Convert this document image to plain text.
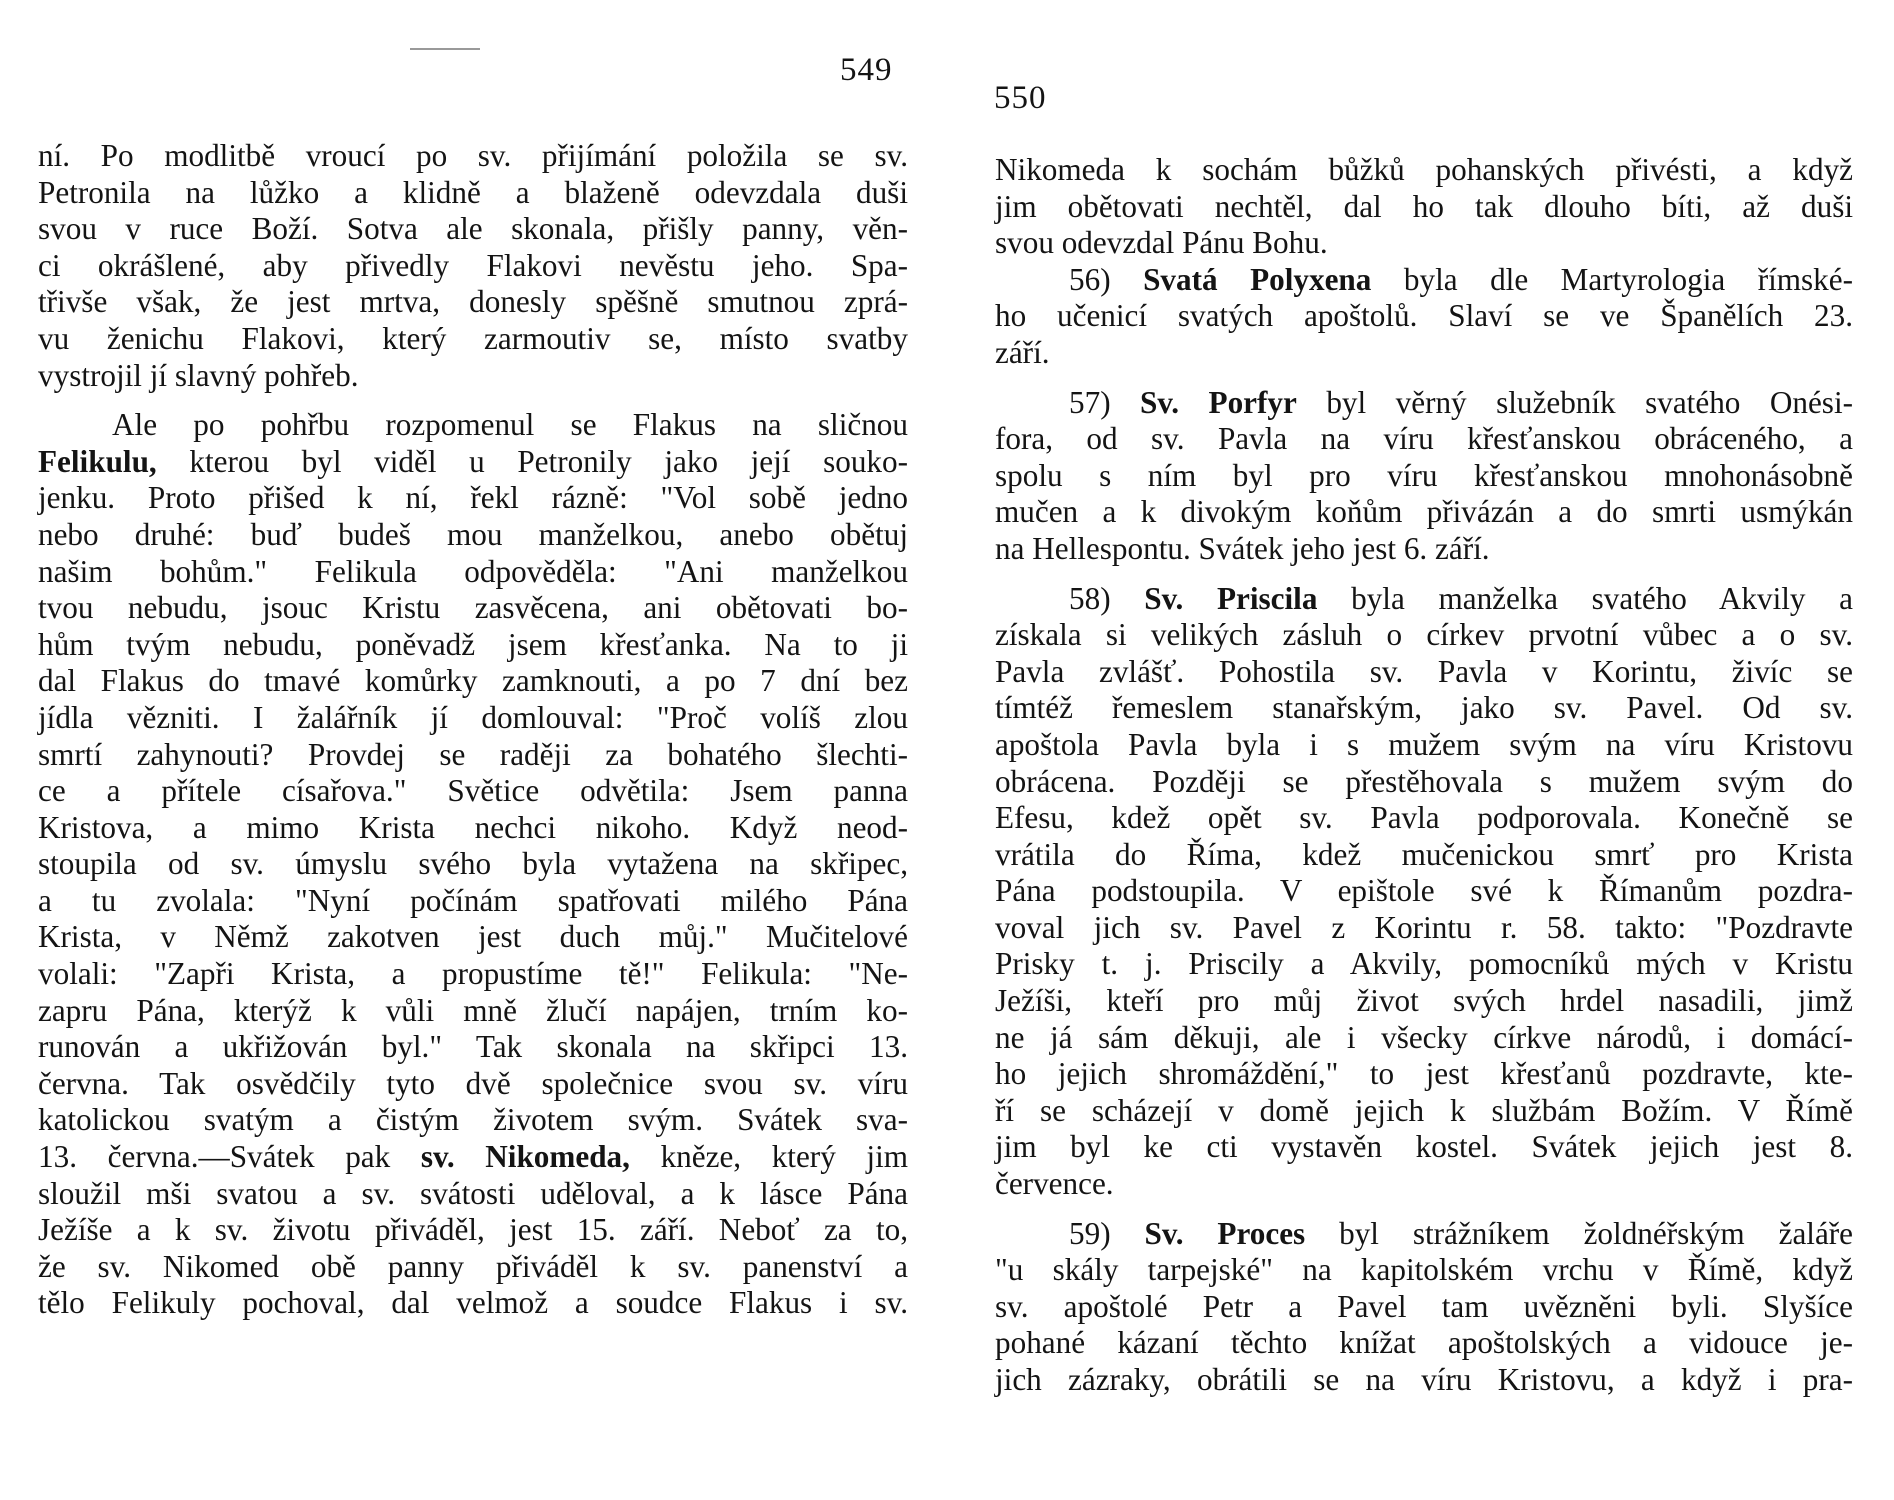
549
550

ní. Po modlitbě vroucí po sv. přijímání položila se sv.

Petronila na lůžko a klidně a blaženě odevzdala duši

svou v ruce Boží. Sotva ale skonala, přišly panny, věn-

ci okrášlené, aby přivedly Flakovi nevěstu jeho. Spa-

třivše však, že jest mrtva, donesly spěšně smutnou zprá-

vu ženichu Flakovi, který zarmoutiv se, místo svatby

vystrojil jí slavný pohřeb.

Ale po pohřbu rozpomenul se Flakus na sličnou

Felikulu, kterou byl viděl u Petronily jako její souko-

jenku. Proto přišed k ní, řekl rázně: "Vol sobě jedno

nebo druhé: buď budeš mou manželkou, anebo obětuj

našim bohům." Felikula odpověděla: "Ani manželkou

tvou nebudu, jsouc Kristu zasvěcena, ani obětovati bo-

hům tvým nebudu, poněvadž jsem křesťanka. Na to ji

dal Flakus do tmavé komůrky zamknouti, a po 7 dní bez

jídla vězniti. I žalářník jí domlouval: "Proč volíš zlou

smrtí zahynouti? Provdej se raději za bohatého šlechti-

ce a přítele císařova." Světice odvětila: Jsem panna

Kristova, a mimo Krista nechci nikoho. Když neod-

stoupila od sv. úmyslu svého byla vytažena na skřipec,

a tu zvolala: "Nyní počínám spatřovati milého Pána

Krista, v Němž zakotven jest duch můj." Mučitelové

volali: "Zapři Krista, a propustíme tě!" Felikula: "Ne-

zapru Pána, kterýž k vůli mně žlučí napájen, trním ko-

runován a ukřižován byl." Tak skonala na skřipci 13.

června. Tak osvědčily tyto dvě společnice svou sv. víru

katolickou svatým a čistým životem svým. Svátek sva-

13. června.—Svátek pak sv. Nikomeda, kněze, který jim

sloužil mši svatou a sv. svátosti uděloval, a k lásce Pána

Ježíše a k sv. životu přiváděl, jest 15. září. Neboť za to,

že sv. Nikomed obě panny přiváděl k sv. panenství a

tělo Felikuly pochoval, dal velmož a soudce Flakus i sv.

Nikomeda k sochám bůžků pohanských přivésti, a když

jim obětovati nechtěl, dal ho tak dlouho bíti, až duši

svou odevzdal Pánu Bohu.

56) Svatá Polyxena byla dle Martyrologia římské-

ho učenicí svatých apoštolů. Slaví se ve Španělích 23.

září.

57) Sv. Porfyr byl věrný služebník svatého Onési-

fora, od sv. Pavla na víru křesťanskou obráceného, a

spolu s ním byl pro víru křesťanskou mnohonásobně

mučen a k divokým koňům přivázán a do smrti usmýkán

na Hellespontu. Svátek jeho jest 6. září.

58) Sv. Priscila byla manželka svatého Akvily a

získala si velikých zásluh o církev prvotní vůbec a o sv.

Pavla zvlášť. Pohostila sv. Pavla v Korintu, živíc se

tímtéž řemeslem stanařským, jako sv. Pavel. Od sv.

apoštola Pavla byla i s mužem svým na víru Kristovu

obrácena. Později se přestěhovala s mužem svým do

Efesu, kdež opět sv. Pavla podporovala. Konečně se

vrátila do Říma, kdež mučenickou smrť pro Krista

Pána podstoupila. V epištole své k Římanům pozdra-

voval jich sv. Pavel z Korintu r. 58. takto: "Pozdravte

Prisky t. j. Priscily a Akvily, pomocníků mých v Kristu

Ježíši, kteří pro můj život svých hrdel nasadili, jimž

ne já sám děkuji, ale i všecky církve národů, i domácí-

ho jejich shromáždění," to jest křesťanů pozdravte, kte-

ří se scházejí v domě jejich k službám Božím. V Římě

jim byl ke cti vystavěn kostel. Svátek jejich jest 8.

července.

59) Sv. Proces byl strážníkem žoldnéřským žaláře

"u skály tarpejské" na kapitolském vrchu v Římě, když

sv. apoštolé Petr a Pavel tam uvězněni byli. Slyšíce

pohané kázaní těchto knížat apoštolských a vidouce je-

jich zázraky, obrátili se na víru Kristovu, a když i pra-
